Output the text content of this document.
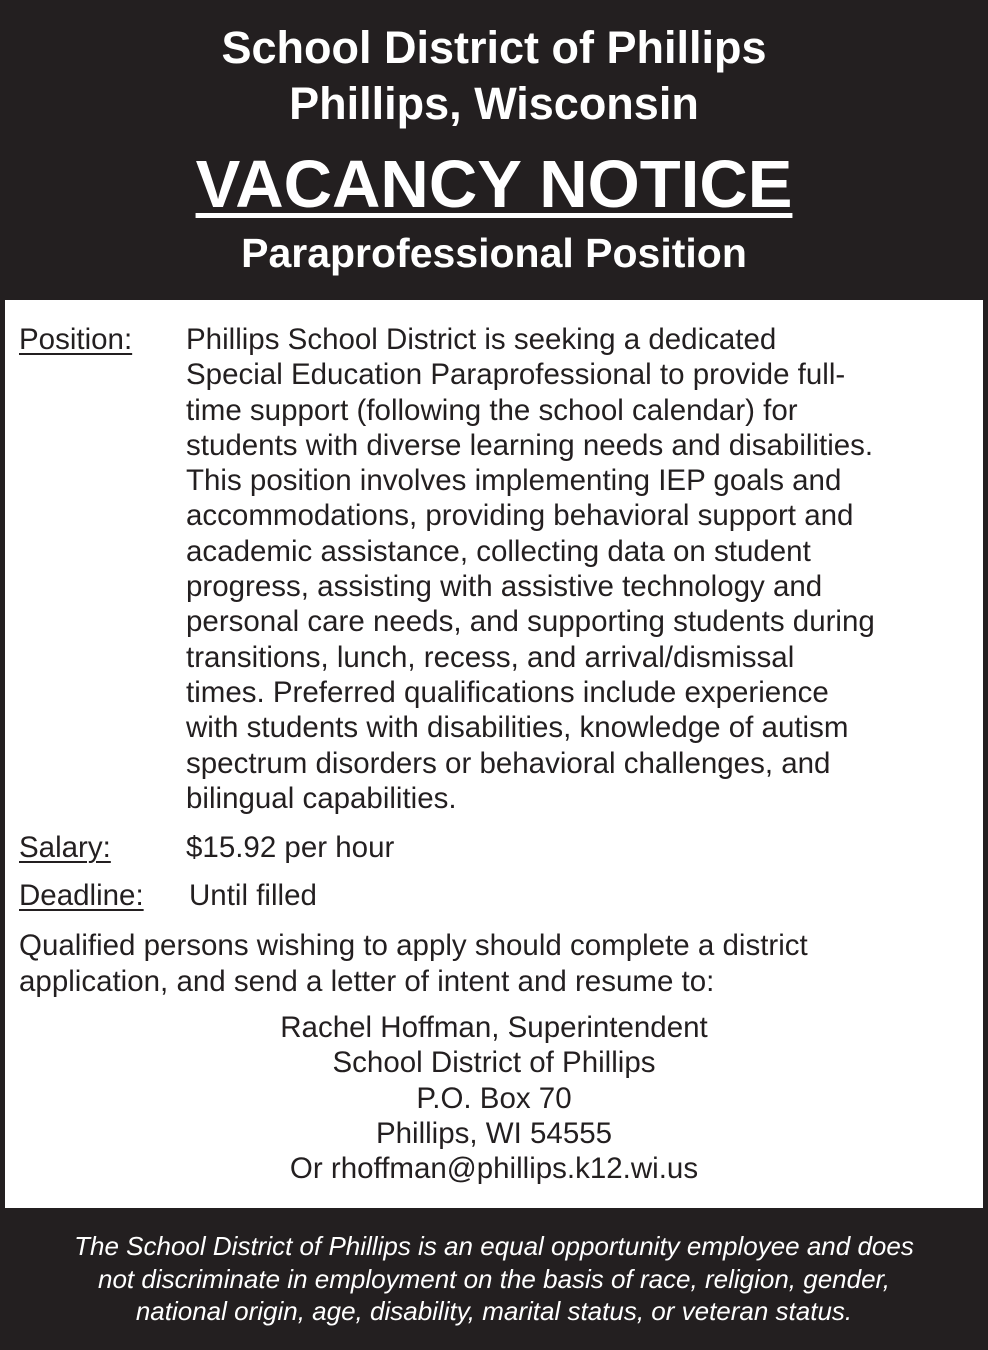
School District of Phillips
Phillips, Wisconsin
VACANCY NOTICE
Paraprofessional Position
Position: Phillips School District is seeking a dedicated
Special Education Paraprofessional to provide full-
time support (following the school calendar) for
students with diverse learning needs and disabilities.
This position involves implementing IEP goals and
accommodations, providing behavioral support and
academic assistance, collecting data on student
progress, assisting with assistive technology and
personal care needs, and supporting students during
transitions, lunch, recess, and arrival/dismissal
times. Preferred qualifications include experience
with students with disabilities, knowledge of autism
spectrum disorders or behavioral challenges, and
bilingual capabilities.
Salary:	$15.92 per hour
Deadline: Until filled
Qualified persons wishing to apply should complete a district
application, and send a letter of intent and resume to:
Rachel Hoffman, Superintendent
School District of Phillips
P.O. Box 70
Phillips, WI 54555
Or rhoffman@phillips.k12.wi.us
The School District of Phillips is an equal opportunity employee and does
not discriminate in employment on the basis of race, religion, gender,
national origin, age, disability, marital status, or veteran status.
